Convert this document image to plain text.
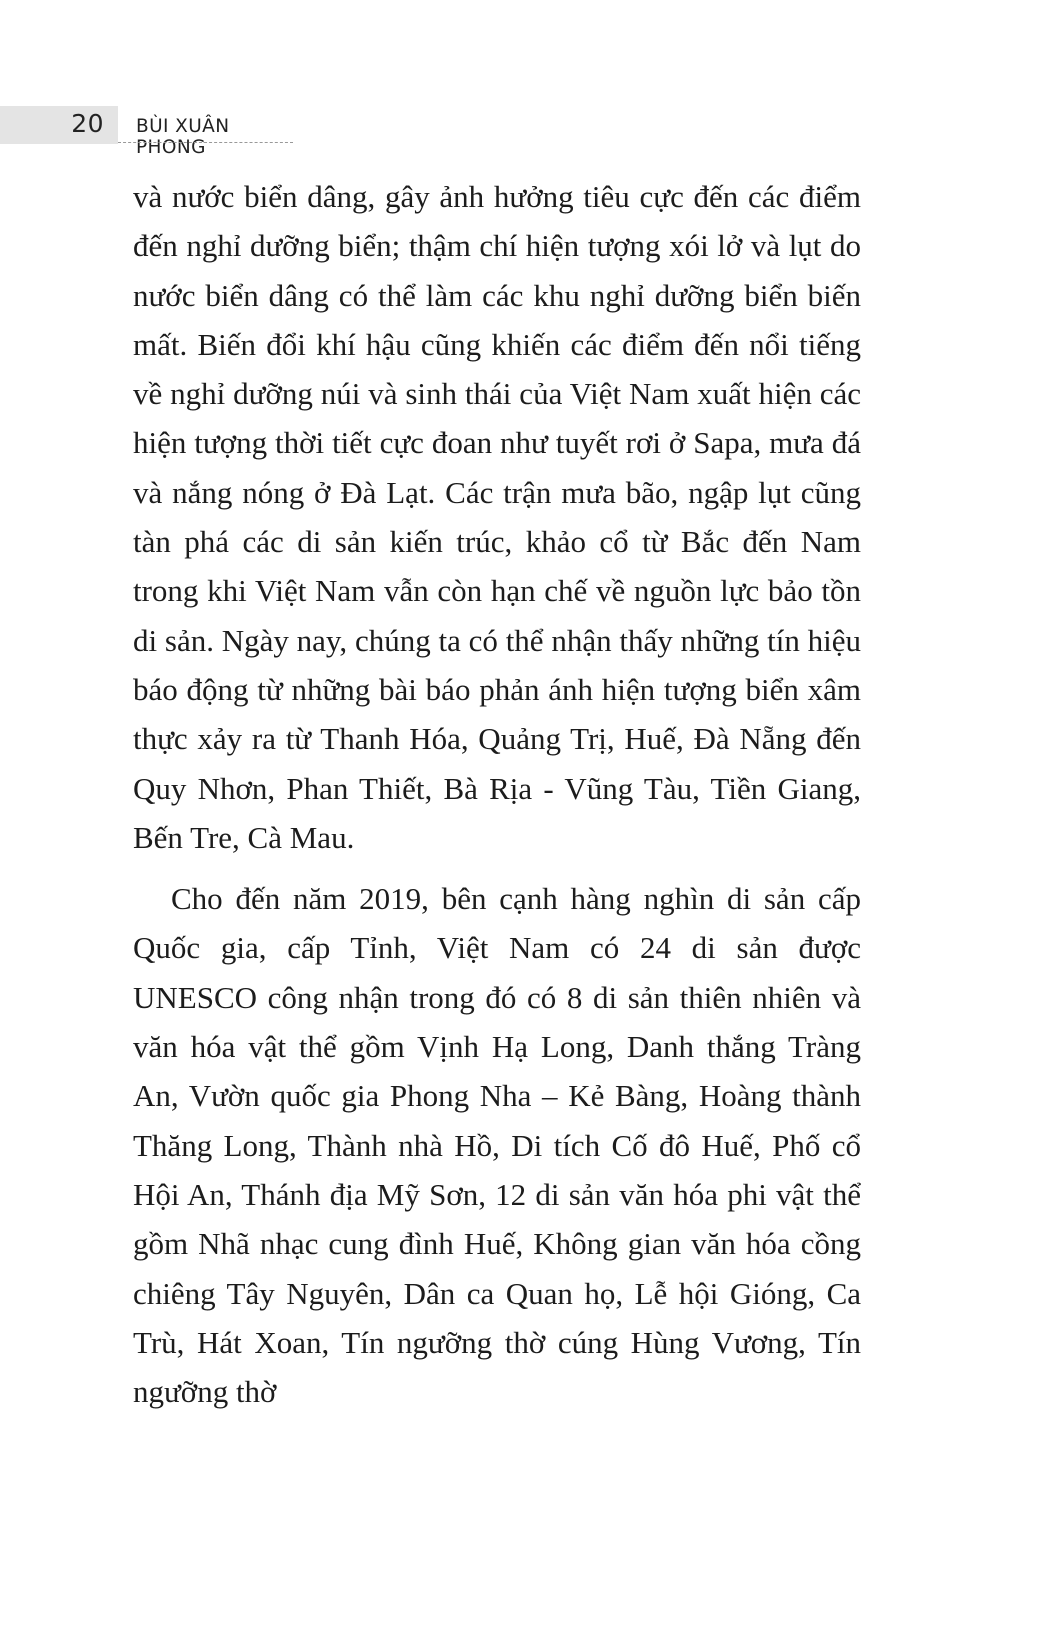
20 BÙI XUÂN PHONG

và nước biển dâng, gây ảnh hưởng tiêu cực đến các điểm đến nghỉ dưỡng biển; thậm chí hiện tượng xói lở và lụt do nước biển dâng có thể làm các khu nghỉ dưỡng biển biến mất. Biến đổi khí hậu cũng khiến các điểm đến nổi tiếng về nghỉ dưỡng núi và sinh thái của Việt Nam xuất hiện các hiện tượng thời tiết cực đoan như tuyết rơi ở Sapa, mưa đá và nắng nóng ở Đà Lạt. Các trận mưa bão, ngập lụt cũng tàn phá các di sản kiến trúc, khảo cổ từ Bắc đến Nam trong khi Việt Nam vẫn còn hạn chế về nguồn lực bảo tồn di sản. Ngày nay, chúng ta có thể nhận thấy những tín hiệu báo động từ những bài báo phản ánh hiện tượng biển xâm thực xảy ra từ Thanh Hóa, Quảng Trị, Huế, Đà Nẵng đến Quy Nhơn, Phan Thiết, Bà Rịa - Vũng Tàu, Tiền Giang, Bến Tre, Cà Mau.

Cho đến năm 2019, bên cạnh hàng nghìn di sản cấp Quốc gia, cấp Tỉnh, Việt Nam có 24 di sản được UNESCO công nhận trong đó có 8 di sản thiên nhiên và văn hóa vật thể gồm Vịnh Hạ Long, Danh thắng Tràng An, Vườn quốc gia Phong Nha – Kẻ Bàng, Hoàng thành Thăng Long, Thành nhà Hồ, Di tích Cố đô Huế, Phố cổ Hội An, Thánh địa Mỹ Sơn, 12 di sản văn hóa phi vật thể gồm Nhã nhạc cung đình Huế, Không gian văn hóa cồng chiêng Tây Nguyên, Dân ca Quan họ, Lễ hội Gióng, Ca Trù, Hát Xoan, Tín ngưỡng thờ cúng Hùng Vương, Tín ngưỡng thờ
